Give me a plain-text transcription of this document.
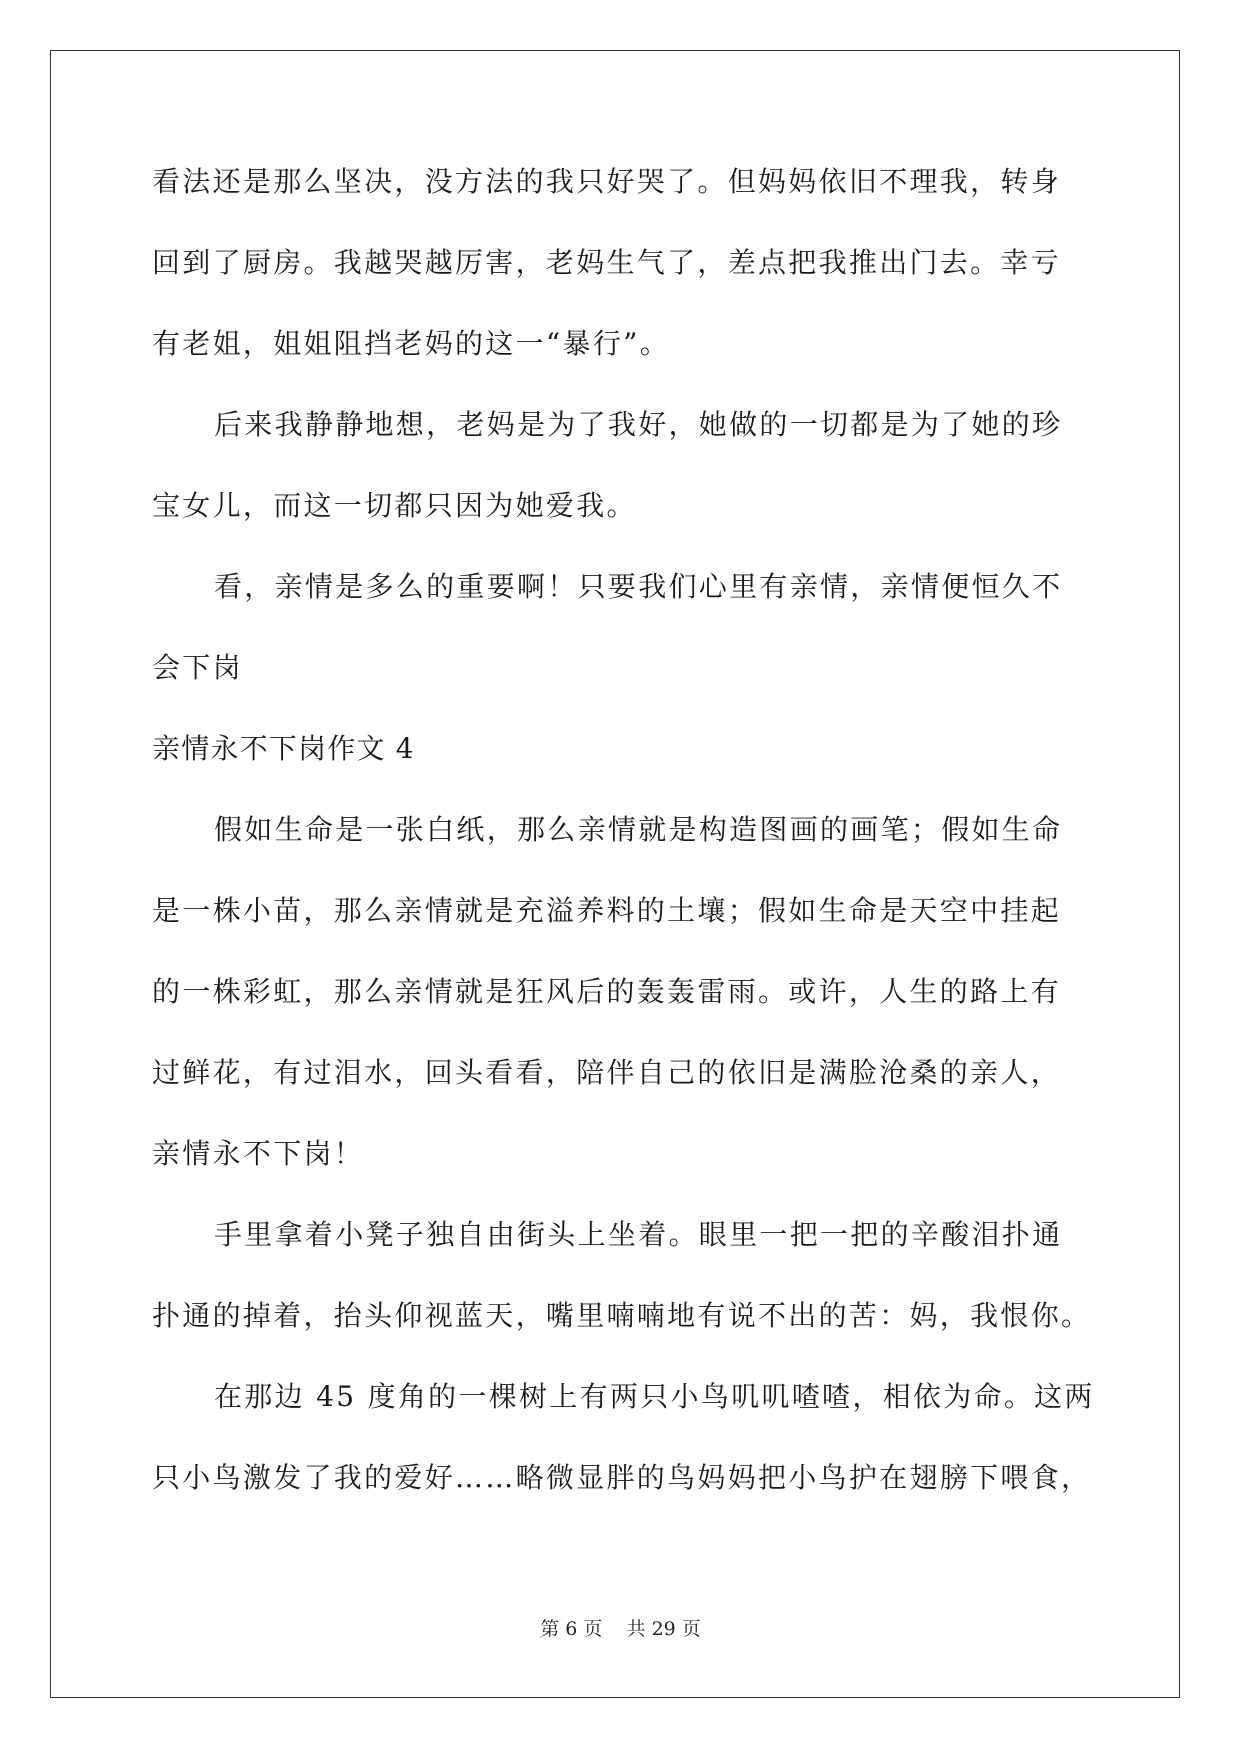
看法还是那么坚决，没方法的我只好哭了。但妈妈依旧不理我，转身
回到了厨房。我越哭越厉害，老妈生气了，差点把我推出门去。幸亏
有老姐，姐姐阻挡老妈的这一“暴行”。
后来我静静地想，老妈是为了我好，她做的一切都是为了她的珍
宝女儿，而这一切都只因为她爱我。
看，亲情是多么的重要啊！只要我们心里有亲情，亲情便恒久不
会下岗
亲情永不下岗作文 4
假如生命是一张白纸，那么亲情就是构造图画的画笔；假如生命
是一株小苗，那么亲情就是充溢养料的土壤；假如生命是天空中挂起
的一株彩虹，那么亲情就是狂风后的轰轰雷雨。或许，人生的路上有
过鲜花，有过泪水，回头看看，陪伴自己的依旧是满脸沧桑的亲人，
亲情永不下岗！
手里拿着小凳子独自由街头上坐着。眼里一把一把的辛酸泪扑通
扑通的掉着，抬头仰视蓝天，嘴里喃喃地有说不出的苦：妈，我恨你。
在那边 45 度角的一棵树上有两只小鸟叽叽喳喳，相依为命。这两
只小鸟激发了我的爱好……略微显胖的鸟妈妈把小鸟护在翅膀下喂食，
第 6 页 共 29 页
